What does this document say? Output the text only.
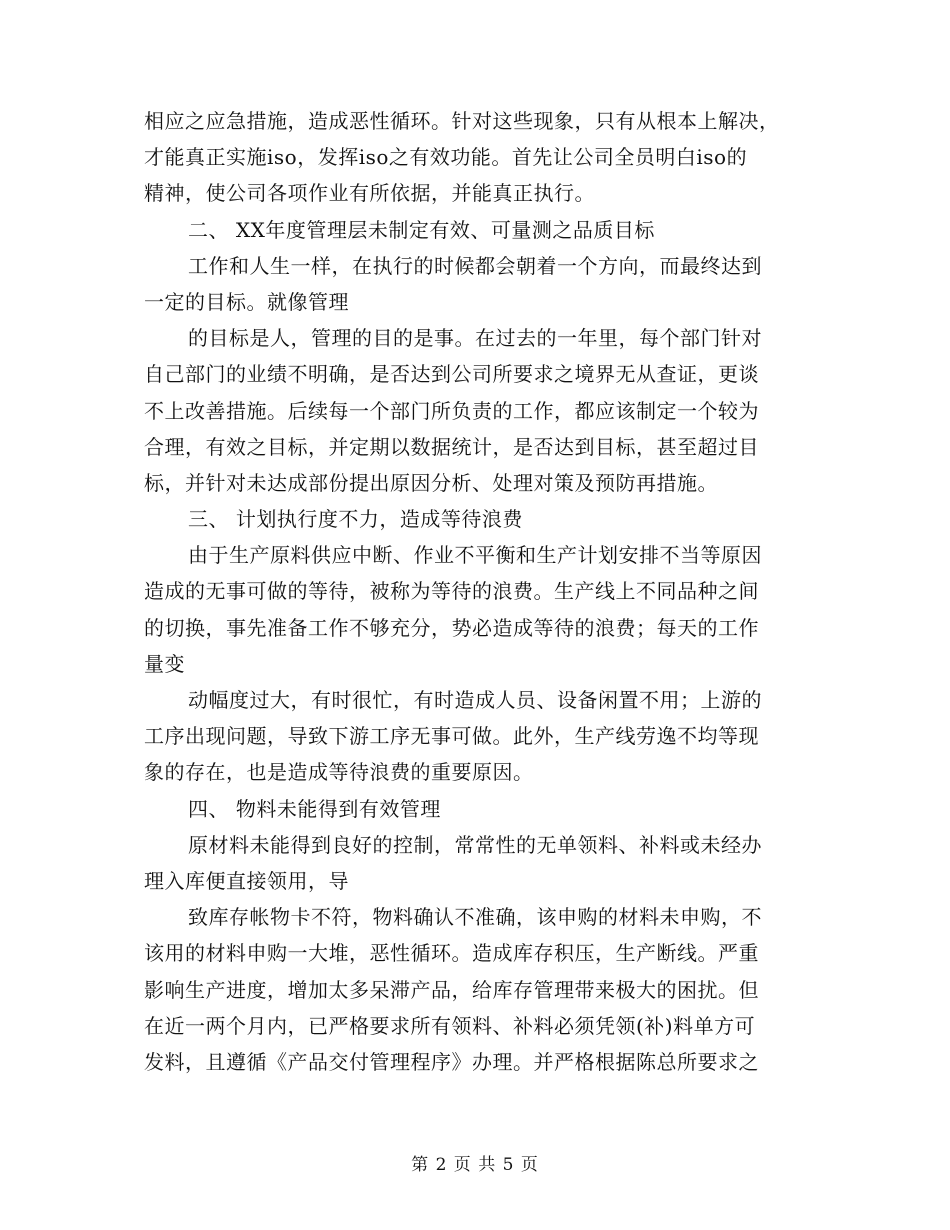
相应之应急措施，造成恶性循环。针对这些现象，只有从根本上解决，
才能真正实施iso，发挥iso之有效功能。首先让公司全员明白iso的
精神，使公司各项作业有所依据，并能真正执行。
二、 XX年度管理层未制定有效、可量测之品质目标
工作和人生一样，在执行的时候都会朝着一个方向，而最终达到
一定的目标。就像管理
的目标是人，管理的目的是事。在过去的一年里，每个部门针对
自己部门的业绩不明确，是否达到公司所要求之境界无从查证，更谈
不上改善措施。后续每一个部门所负责的工作，都应该制定一个较为
合理，有效之目标，并定期以数据统计，是否达到目标，甚至超过目
标，并针对未达成部份提出原因分析、处理对策及预防再措施。
三、 计划执行度不力，造成等待浪费
由于生产原料供应中断、作业不平衡和生产计划安排不当等原因
造成的无事可做的等待，被称为等待的浪费。生产线上不同品种之间
的切换，事先准备工作不够充分，势必造成等待的浪费；每天的工作
量变
动幅度过大，有时很忙，有时造成人员、设备闲置不用；上游的
工序出现问题，导致下游工序无事可做。此外，生产线劳逸不均等现
象的存在，也是造成等待浪费的重要原因。
四、 物料未能得到有效管理
原材料未能得到良好的控制，常常性的无单领料、补料或未经办
理入库便直接领用，导
致库存帐物卡不符，物料确认不准确，该申购的材料未申购，不
该用的材料申购一大堆，恶性循环。造成库存积压，生产断线。严重
影响生产进度，增加太多呆滞产品，给库存管理带来极大的困扰。但
在近一两个月内，已严格要求所有领料、补料必须凭领(补)料单方可
发料，且遵循《产品交付管理程序》办理。并严格根据陈总所要求之
第 2 页 共 5 页
